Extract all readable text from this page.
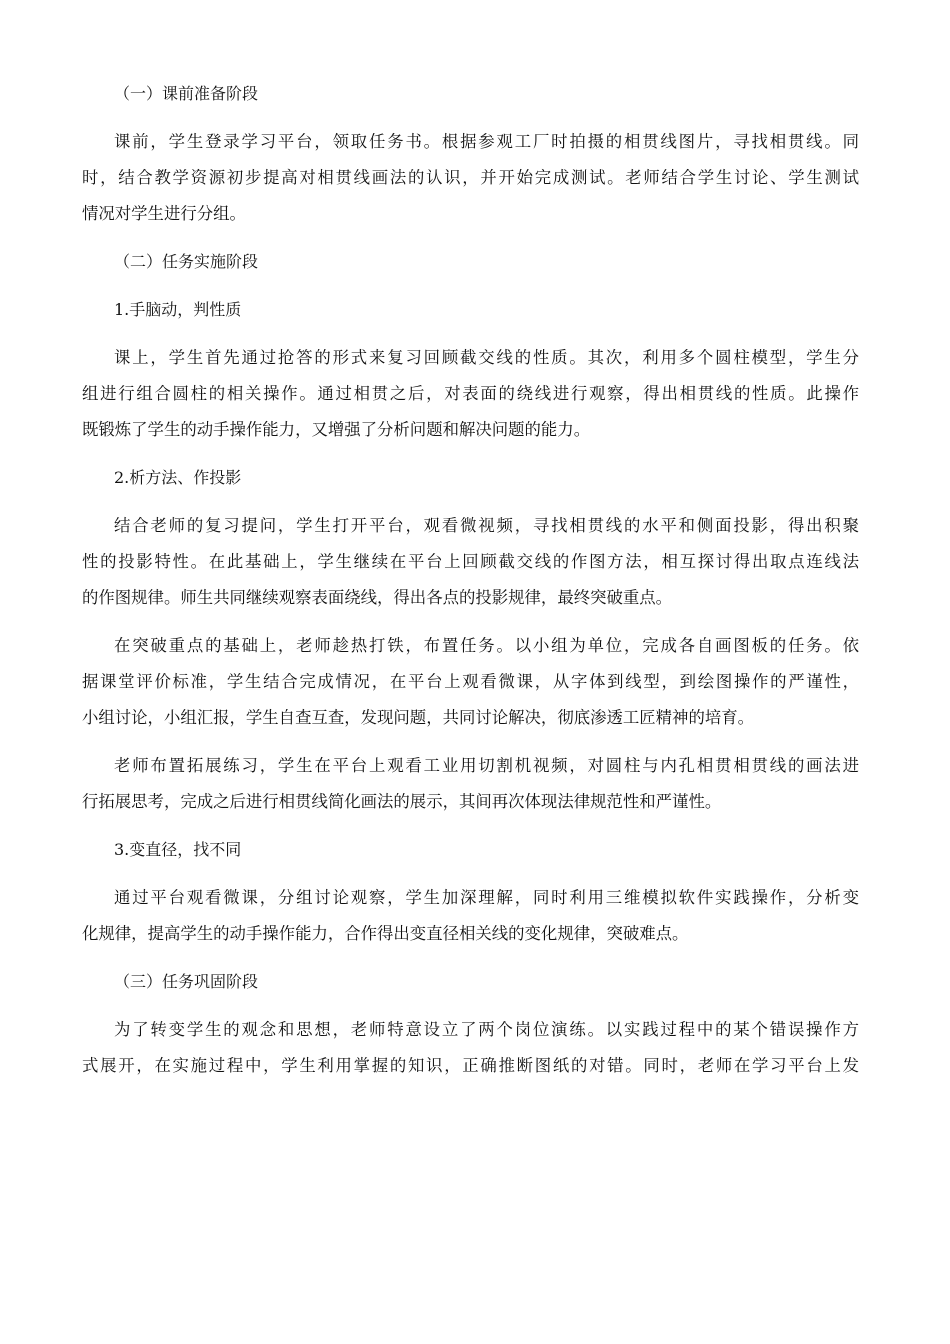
（一）课前准备阶段
课前，学生登录学习平台，领取任务书。根据参观工厂时拍摄的相贯线图片，寻找相贯线。同
时，结合教学资源初步提高对相贯线画法的认识，并开始完成测试。老师结合学生讨论、学生测试
情况对学生进行分组。
（二）任务实施阶段
1.手脑动，判性质
课上，学生首先通过抢答的形式来复习回顾截交线的性质。其次，利用多个圆柱模型，学生分
组进行组合圆柱的相关操作。通过相贯之后，对表面的绕线进行观察，得出相贯线的性质。此操作
既锻炼了学生的动手操作能力，又增强了分析问题和解决问题的能力。
2.析方法、作投影
结合老师的复习提问，学生打开平台，观看微视频，寻找相贯线的水平和侧面投影，得出积聚
性的投影特性。在此基础上，学生继续在平台上回顾截交线的作图方法，相互探讨得出取点连线法
的作图规律。师生共同继续观察表面绕线，得出各点的投影规律，最终突破重点。
在突破重点的基础上，老师趁热打铁，布置任务。以小组为单位，完成各自画图板的任务。依
据课堂评价标准，学生结合完成情况，在平台上观看微课，从字体到线型，到绘图操作的严谨性，
小组讨论，小组汇报，学生自查互查，发现问题，共同讨论解决，彻底渗透工匠精神的培育。
老师布置拓展练习，学生在平台上观看工业用切割机视频，对圆柱与内孔相贯相贯线的画法进
行拓展思考，完成之后进行相贯线简化画法的展示，其间再次体现法律规范性和严谨性。
3.变直径，找不同
通过平台观看微课，分组讨论观察，学生加深理解，同时利用三维模拟软件实践操作，分析变
化规律，提高学生的动手操作能力，合作得出变直径相关线的变化规律，突破难点。
（三）任务巩固阶段
为了转变学生的观念和思想，老师特意设立了两个岗位演练。以实践过程中的某个错误操作方
式展开，在实施过程中，学生利用掌握的知识，正确推断图纸的对错。同时，老师在学习平台上发
